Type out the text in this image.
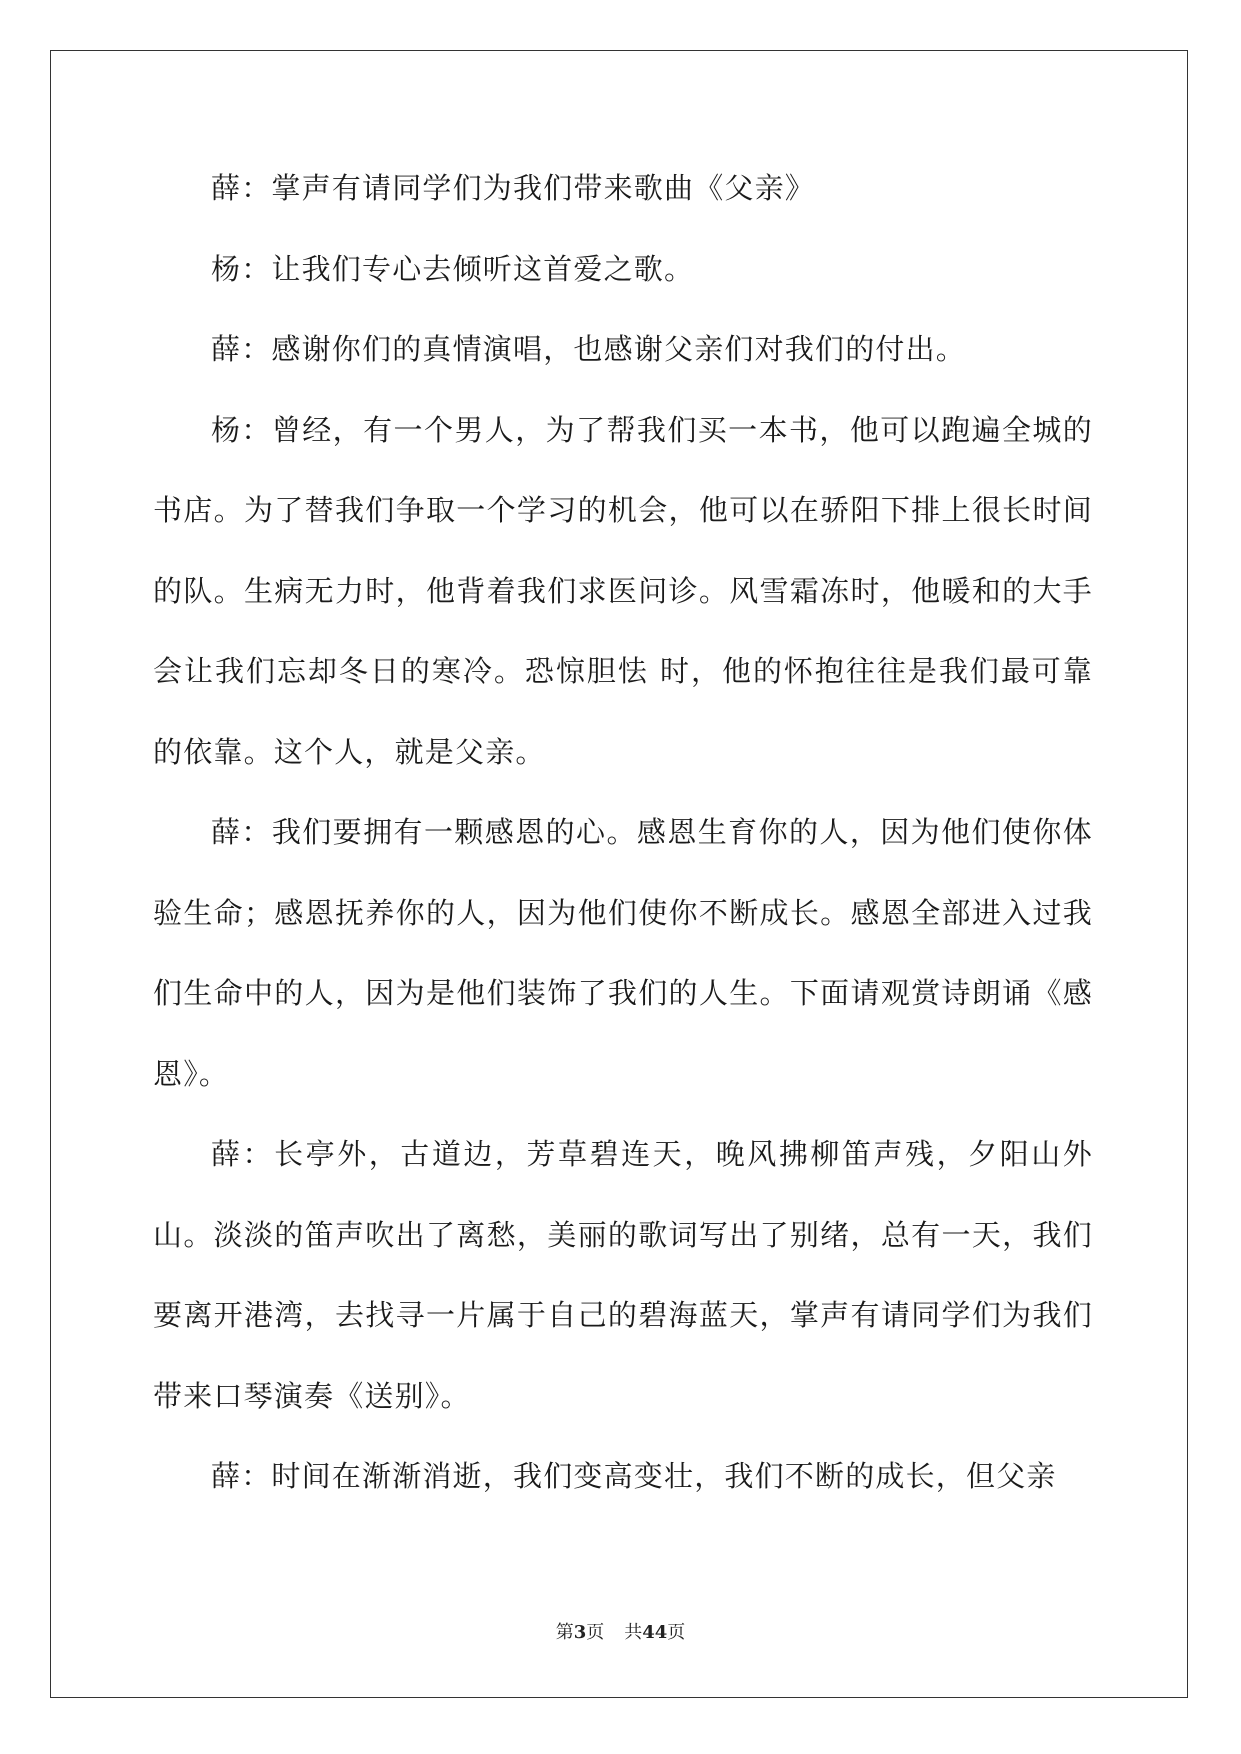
薛：掌声有请同学们为我们带来歌曲《父亲》

杨：让我们专心去倾听这首爱之歌。

薛：感谢你们的真情演唱，也感谢父亲们对我们的付出。

杨：曾经，有一个男人，为了帮我们买一本书，他可以跑遍全城的书店。为了替我们争取一个学习的机会，他可以在骄阳下排上很长时间的队。生病无力时，他背着我们求医问诊。风雪霜冻时，他暖和的大手会让我们忘却冬日的寒冷。恐惊胆怯 时，他的怀抱往往是我们最可靠的依靠。这个人，就是父亲。

薛：我们要拥有一颗感恩的心。感恩生育你的人，因为他们使你体验生命；感恩抚养你的人，因为他们使你不断成长。感恩全部进入过我们生命中的人，因为是他们装饰了我们的人生。下面请观赏诗朗诵《感恩》。

薛：长亭外，古道边，芳草碧连天，晚风拂柳笛声残，夕阳山外山。淡淡的笛声吹出了离愁，美丽的歌词写出了别绪，总有一天，我们要离开港湾，去找寻一片属于自己的碧海蓝天，掌声有请同学们为我们带来口琴演奏《送别》。

薛：时间在渐渐消逝，我们变高变壮，我们不断的成长，但父亲

第3页 共44页
